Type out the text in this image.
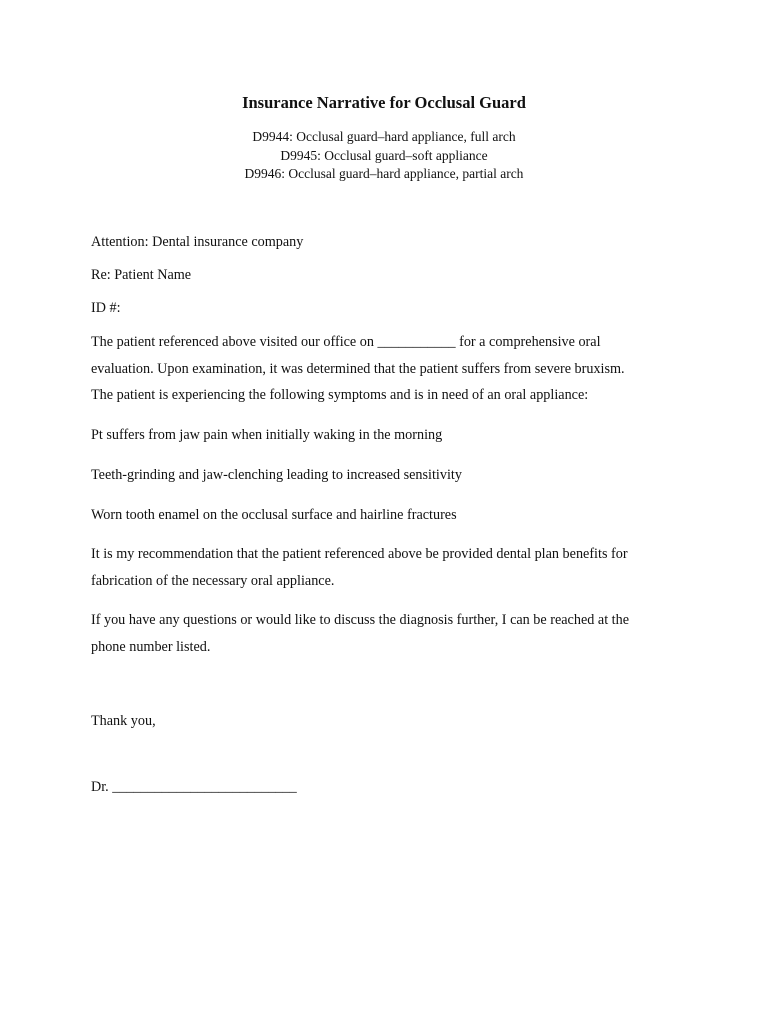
Insurance Narrative for Occlusal Guard
D9944: Occlusal guard–hard appliance, full arch
D9945: Occlusal guard–soft appliance
D9946: Occlusal guard–hard appliance, partial arch
Attention: Dental insurance company
Re: Patient Name
ID #:
The patient referenced above visited our office on ___________ for a comprehensive oral
evaluation. Upon examination, it was determined that the patient suffers from severe bruxism.
The patient is experiencing the following symptoms and is in need of an oral appliance:
Pt suffers from jaw pain when initially waking in the morning
Teeth-grinding and jaw-clenching leading to increased sensitivity
Worn tooth enamel on the occlusal surface and hairline fractures
It is my recommendation that the patient referenced above be provided dental plan benefits for
fabrication of the necessary oral appliance.
If you have any questions or would like to discuss the diagnosis further, I can be reached at the
phone number listed.
Thank you,
Dr. __________________________
